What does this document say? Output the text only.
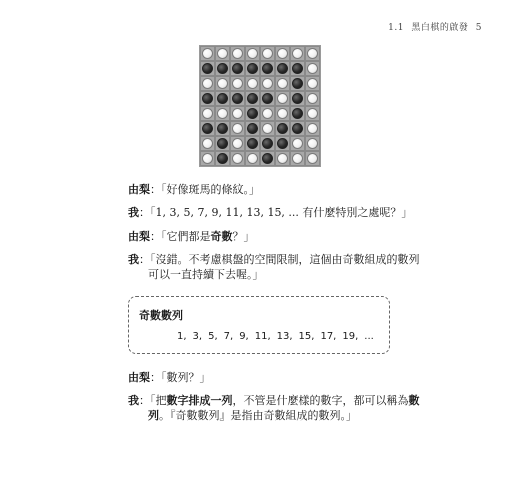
1.1 黑白棋的啟發 5
由梨：「好像斑馬的條紋。」
我：「1, 3, 5, 7, 9, 11, 13, 15, ... 有什麼特別之處呢？」
由梨：「它們都是奇數？」
我：「沒錯。不考慮棋盤的空間限制，這個由奇數組成的數列
可以一直持續下去喔。」
奇數數列
1, 3, 5, 7, 9, 11, 13, 15, 17, 19, ...
由梨：「數列？」
我：「把數字排成一列，不管是什麼樣的數字，都可以稱為數
列。『奇數數列』是指由奇數組成的數列。」
